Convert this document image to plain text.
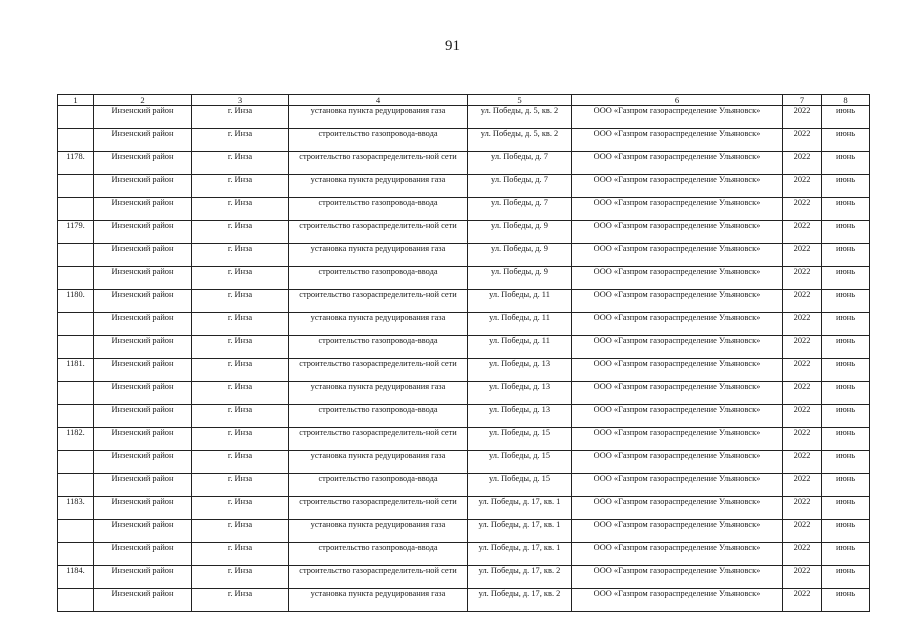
91
1	2	3	4	5	6	7	8
	Инзенский район	г. Инза	установка пункта редуцирования газа	ул. Победы, д. 5, кв. 2	ООО «Газпром газораспределение Ульяновск»	2022	июнь
	Инзенский район	г. Инза	строительство газопровода-ввода	ул. Победы, д. 5, кв. 2	ООО «Газпром газораспределение Ульяновск»	2022	июнь
1178.	Инзенский район	г. Инза	строительство газораспределитель-ной сети	ул. Победы, д. 7	ООО «Газпром газораспределение Ульяновск»	2022	июнь
	Инзенский район	г. Инза	установка пункта редуцирования газа	ул. Победы, д. 7	ООО «Газпром газораспределение Ульяновск»	2022	июнь
	Инзенский район	г. Инза	строительство газопровода-ввода	ул. Победы, д. 7	ООО «Газпром газораспределение Ульяновск»	2022	июнь
1179.	Инзенский район	г. Инза	строительство газораспределитель-ной сети	ул. Победы, д. 9	ООО «Газпром газораспределение Ульяновск»	2022	июнь
	Инзенский район	г. Инза	установка пункта редуцирования газа	ул. Победы, д. 9	ООО «Газпром газораспределение Ульяновск»	2022	июнь
	Инзенский район	г. Инза	строительство газопровода-ввода	ул. Победы, д. 9	ООО «Газпром газораспределение Ульяновск»	2022	июнь
1180.	Инзенский район	г. Инза	строительство газораспределитель-ной сети	ул. Победы, д. 11	ООО «Газпром газораспределение Ульяновск»	2022	июнь
	Инзенский район	г. Инза	установка пункта редуцирования газа	ул. Победы, д. 11	ООО «Газпром газораспределение Ульяновск»	2022	июнь
	Инзенский район	г. Инза	строительство газопровода-ввода	ул. Победы, д. 11	ООО «Газпром газораспределение Ульяновск»	2022	июнь
1181.	Инзенский район	г. Инза	строительство газораспределитель-ной сети	ул. Победы, д. 13	ООО «Газпром газораспределение Ульяновск»	2022	июнь
	Инзенский район	г. Инза	установка пункта редуцирования газа	ул. Победы, д. 13	ООО «Газпром газораспределение Ульяновск»	2022	июнь
	Инзенский район	г. Инза	строительство газопровода-ввода	ул. Победы, д. 13	ООО «Газпром газораспределение Ульяновск»	2022	июнь
1182.	Инзенский район	г. Инза	строительство газораспределитель-ной сети	ул. Победы, д. 15	ООО «Газпром газораспределение Ульяновск»	2022	июнь
	Инзенский район	г. Инза	установка пункта редуцирования газа	ул. Победы, д. 15	ООО «Газпром газораспределение Ульяновск»	2022	июнь
	Инзенский район	г. Инза	строительство газопровода-ввода	ул. Победы, д. 15	ООО «Газпром газораспределение Ульяновск»	2022	июнь
1183.	Инзенский район	г. Инза	строительство газораспределитель-ной сети	ул. Победы, д. 17, кв. 1	ООО «Газпром газораспределение Ульяновск»	2022	июнь
	Инзенский район	г. Инза	установка пункта редуцирования газа	ул. Победы, д. 17, кв. 1	ООО «Газпром газораспределение Ульяновск»	2022	июнь
	Инзенский район	г. Инза	строительство газопровода-ввода	ул. Победы, д. 17, кв. 1	ООО «Газпром газораспределение Ульяновск»	2022	июнь
1184.	Инзенский район	г. Инза	строительство газораспределитель-ной сети	ул. Победы, д. 17, кв. 2	ООО «Газпром газораспределение Ульяновск»	2022	июнь
	Инзенский район	г. Инза	установка пункта редуцирования газа	ул. Победы, д. 17, кв. 2	ООО «Газпром газораспределение Ульяновск»	2022	июнь
